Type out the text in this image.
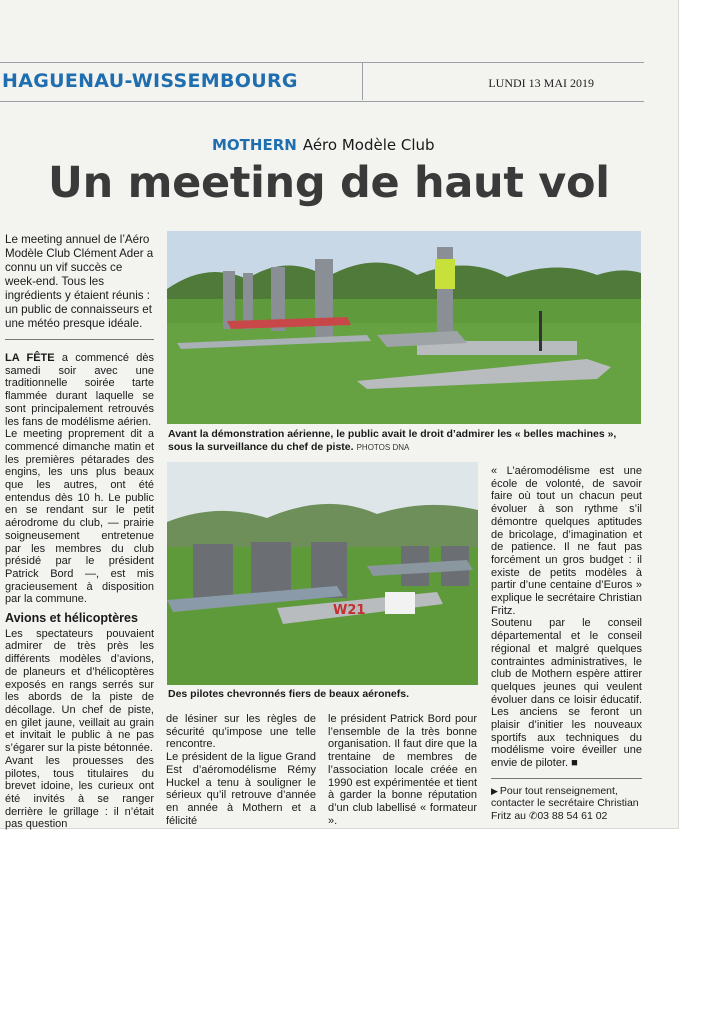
HAGUENAU-WISSEMBOURG	LUNDI 13 MAI 2019
MOTHERN Aéro Modèle Club
Un meeting de haut vol

Le meeting annuel de l’Aéro Modèle Club Clément Ader a connu un vif succès ce week-end. Tous les ingrédients y étaient réunis : un public de connaisseurs et une météo presque idéale.

LA FÊTE a commencé dès samedi soir avec une traditionnelle soirée tarte flammée durant laquelle se sont principalement retrouvés les fans de modélisme aérien.

Le meeting proprement dit a commencé dimanche matin et les premières pétarades des engins, les uns plus beaux que les autres, ont été entendus dès 10 h. Le public en se rendant sur le petit aérodrome du club, — prairie soigneusement entretenue par les membres du club présidé par le président Patrick Bord —, est mis gracieusement à disposition par la commune.

Avions et hélicoptères

Les spectateurs pouvaient admirer de très près les différents modèles d’avions, de planeurs et d’hélicoptères exposés en rangs serrés sur les abords de la piste de décollage. Un chef de piste, en gilet jaune, veillait au grain et invitait le public à ne pas s’égarer sur la piste bétonnée.

Avant les prouesses des pilotes, tous titulaires du brevet idoine, les curieux ont été invités à se ranger derrière le grillage : il n’était pas question

Avant la démonstration aérienne, le public avait le droit d’admirer les « belles machines », sous la surveillance du chef de piste. PHOTOS DNA
W21
Des pilotes chevronnés fiers de beaux aéronefs.

de lésiner sur les règles de sécurité qu’impose une telle rencontre.

Le président de la ligue Grand Est d’aéromodélisme Rémy Huckel a tenu à souligner le sérieux qu’il retrouve d’année en année à Mothern et a félicité

le président Patrick Bord pour l’ensemble de la très bonne organisation. Il faut dire que la trentaine de membres de l’association locale créée en 1990 est expérimentée et tient à garder la bonne réputation d’un club labellisé « formateur ».

« L’aéromodélisme est une école de volonté, de savoir faire où tout un chacun peut évoluer à son rythme s’il démontre quelques aptitudes de bricolage, d’imagination et de patience. Il ne faut pas forcément un gros budget : il existe de petits modèles à partir d’une centaine d’Euros » explique le secrétaire Christian Fritz.

Soutenu par le conseil départemental et le conseil régional et malgré quelques contraintes administratives, le club de Mothern espère attirer quelques jeunes qui veulent évoluer dans ce loisir éducatif. Les anciens se feront un plaisir d’initier les nouveaux sportifs aux techniques du modélisme voire éveiller une envie de piloter. ■

▶ Pour tout renseignement, contacter le secrétaire Christian Fritz au ✆03 88 54 61 02
